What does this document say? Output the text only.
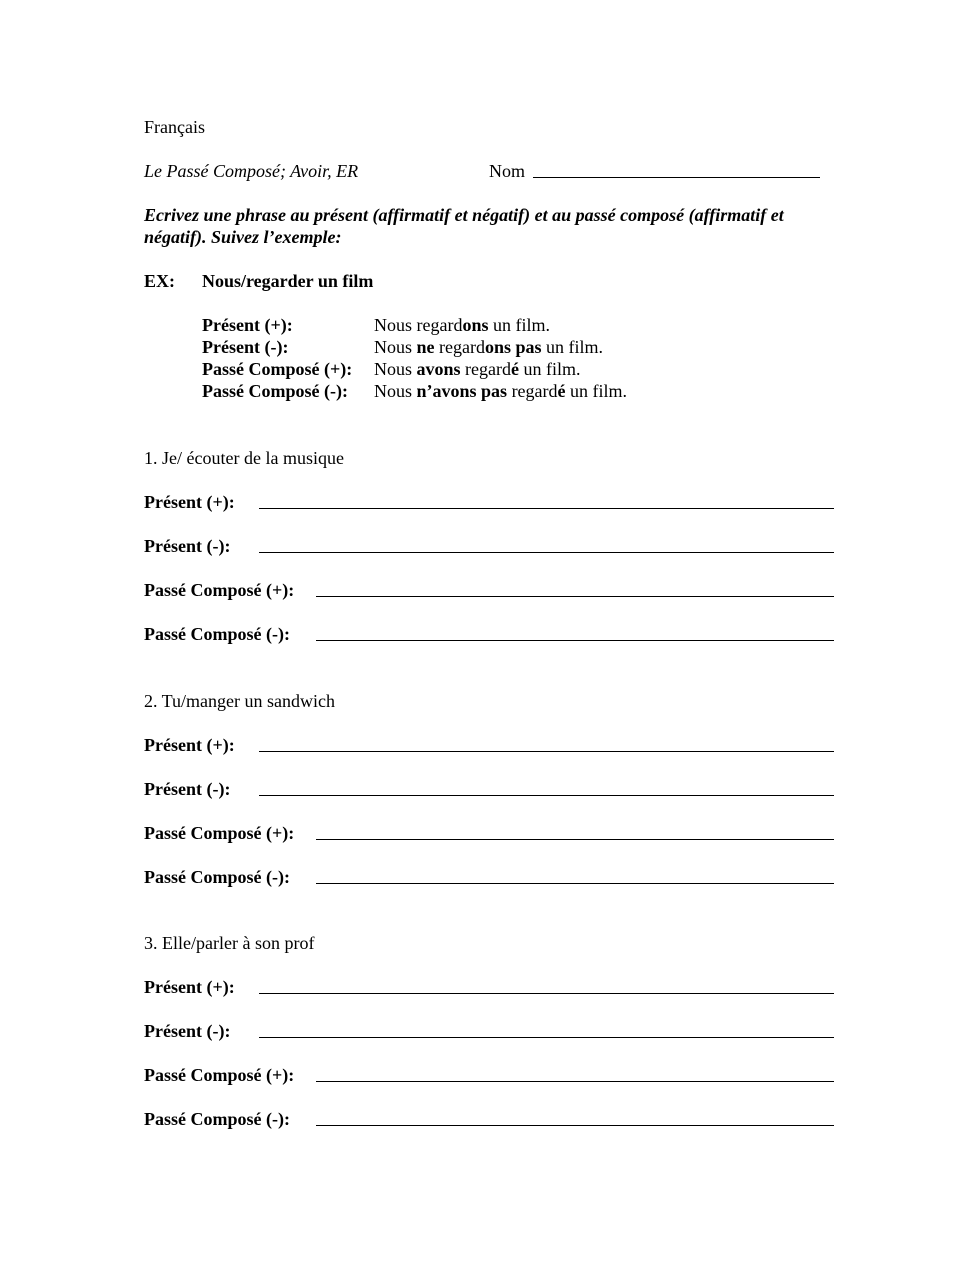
Français
Le Passé Composé; Avoir, ER	Nom
Ecrivez une phrase au présent (affirmatif et négatif) et au passé composé (affirmatif et négatif). Suivez l’exemple:
EX: Nous/regarder un film
Présent (+):	Nous regardons un film.
Présent (-):	Nous ne regardons pas un film.
Passé Composé (+): Nous avons regardé un film.
Passé Composé (-): Nous n’avons pas regardé un film.
1. Je/ écouter de la musique
Présent (+):
Présent (-):
Passé Composé (+):
Passé Composé (-):
2. Tu/manger un sandwich
Présent (+):
Présent (-):
Passé Composé (+):
Passé Composé (-):
3. Elle/parler à son prof
Présent (+):
Présent (-):
Passé Composé (+):
Passé Composé (-):
